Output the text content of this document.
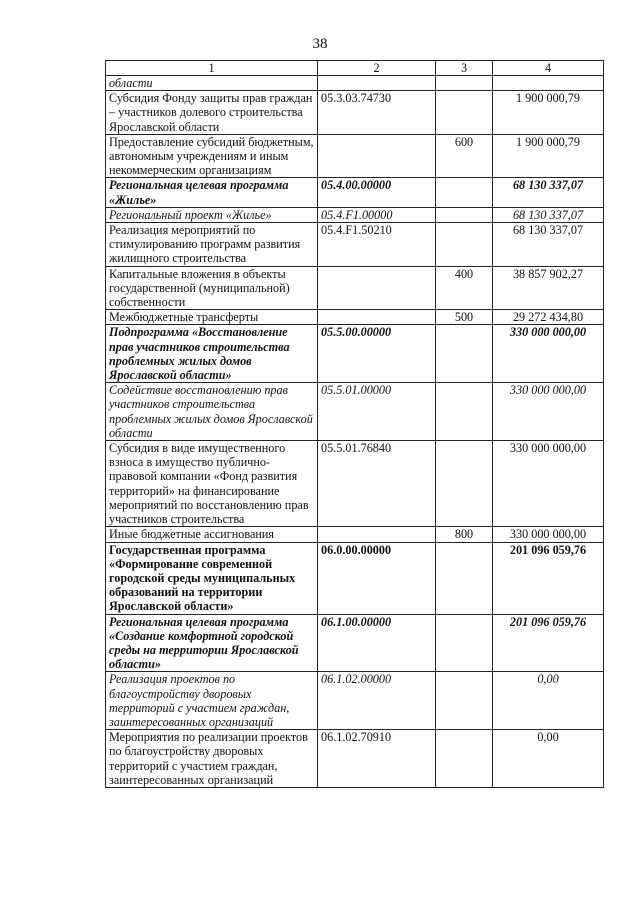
38
1	2	3	4
области			
Субсидия Фонду защиты прав граждан – участников долевого строительства Ярославской области	05.3.03.74730		1 900 000,79
Предоставление субсидий бюджетным, автономным учреждениям и иным некоммерческим организациям		600	1 900 000,79
Региональная целевая программа «Жилье»	05.4.00.00000		68 130 337,07
Региональный проект «Жилье»	05.4.F1.00000		68 130 337,07
Реализация мероприятий по стимулированию программ развития жилищного строительства	05.4.F1.50210		68 130 337,07
Капитальные вложения в объекты государственной (муниципальной) собственности		400	38 857 902,27
Межбюджетные трансферты		500	29 272 434,80
Подпрограмма «Восстановление прав участников строительства проблемных жилых домов Ярославской области»	05.5.00.00000		330 000 000,00
Содействие восстановлению прав участников строительства проблемных жилых домов Ярославской области	05.5.01.00000		330 000 000,00
Субсидия в виде имущественного взноса в имущество публично-правовой компании «Фонд развития территорий» на финансирование мероприятий по восстановлению прав участников строительства	05.5.01.76840		330 000 000,00
Иные бюджетные ассигнования		800	330 000 000,00
Государственная программа «Формирование современной городской среды муниципальных образований на территории Ярославской области»	06.0.00.00000		201 096 059,76
Региональная целевая программа «Создание комфортной городской среды на территории Ярославской области»	06.1.00.00000		201 096 059,76
Реализация проектов по благоустройству дворовых территорий с участием граждан, заинтересованных организаций	06.1.02.00000		0,00
Мероприятия по реализации проектов по благоустройству дворовых территорий с участием граждан, заинтересованных организаций	06.1.02.70910		0,00
